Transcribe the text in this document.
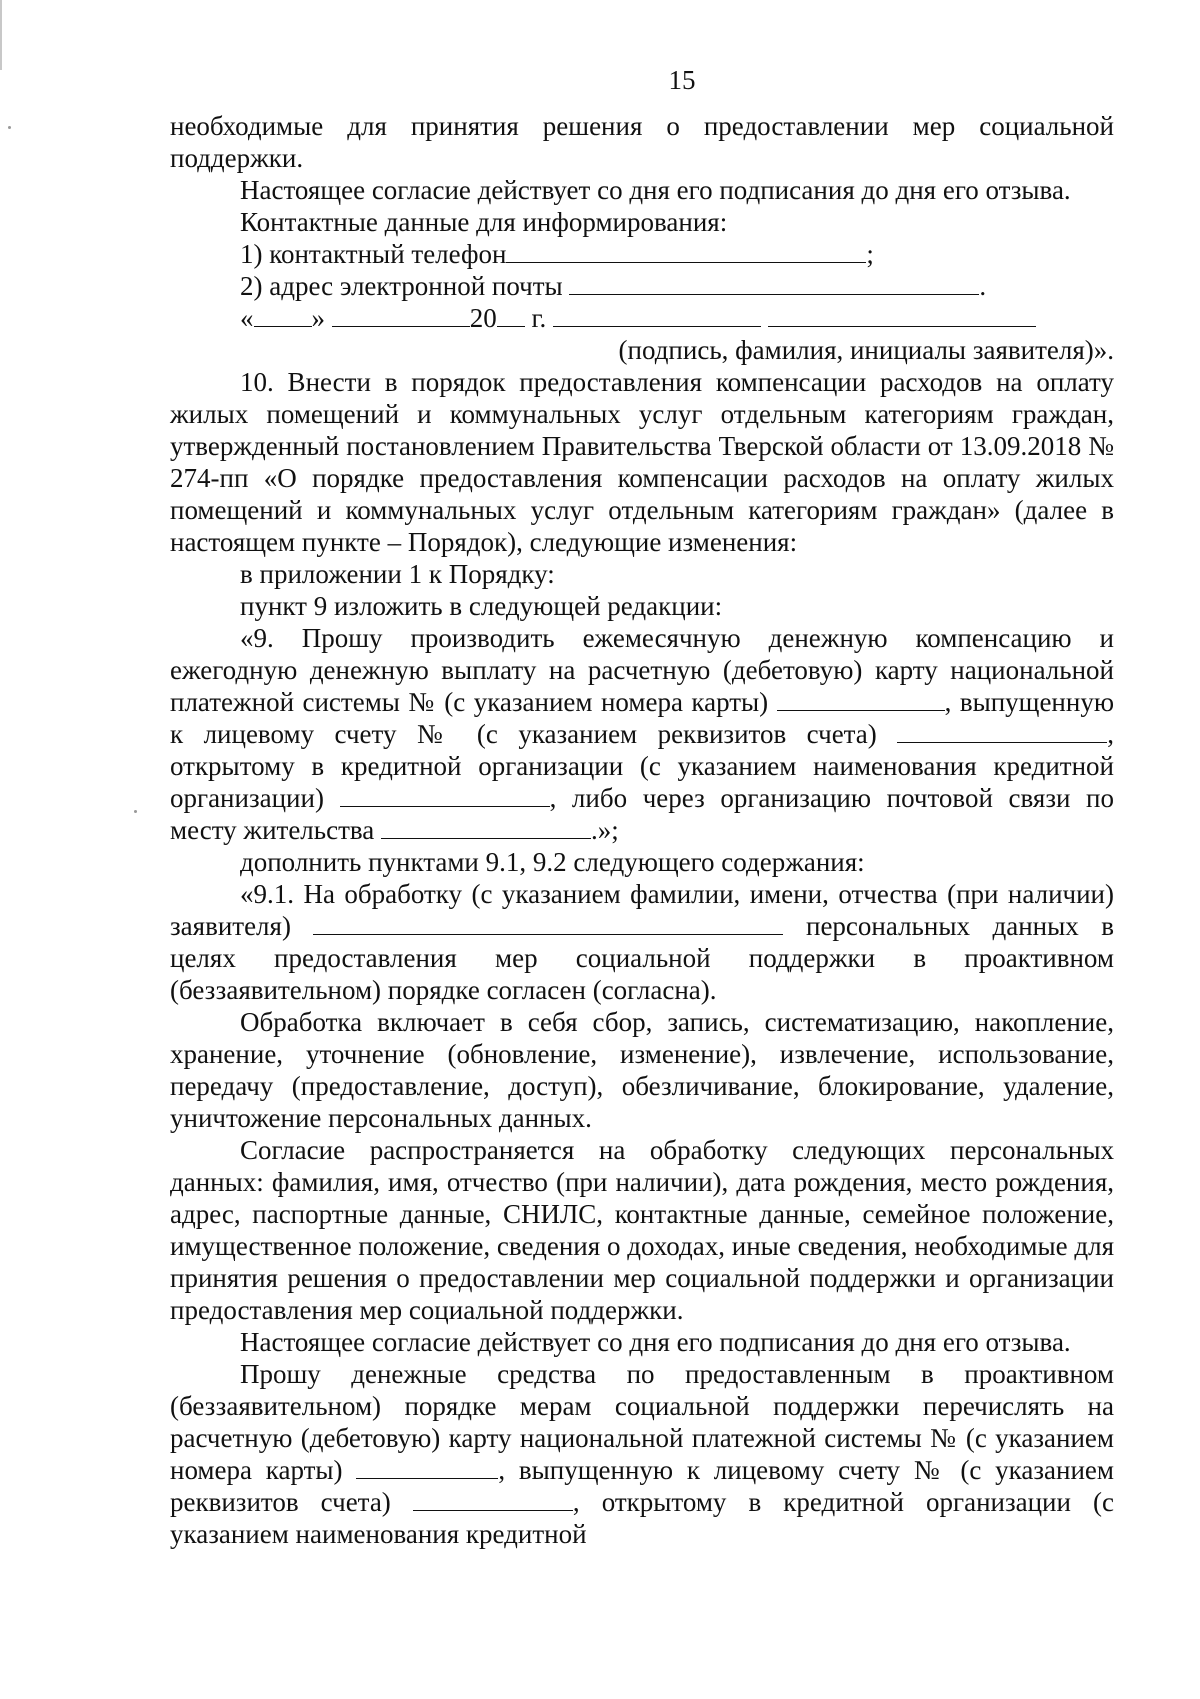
15

необходимые для принятия решения о предоставлении мер социальной поддержки.

Настоящее согласие действует со дня его подписания до дня его отзыва.

Контактные данные для информирования:

1) контактный телефон	;

2) адрес электронной почты	.

« »	20 г.

(подпись, фамилия, инициалы заявителя)».

10. Внести в порядок предоставления компенсации расходов на оплату жилых помещений и коммунальных услуг отдельным категориям граждан, утвержденный постановлением Правительства Тверской области от 13.09.2018 № 274-пп «О порядке предоставления компенсации расходов на оплату жилых помещений и коммунальных услуг отдельным категориям граждан» (далее в настоящем пункте – Порядок), следующие изменения:

в приложении 1 к Порядку:

пункт 9 изложить в следующей редакции:

«9. Прошу производить ежемесячную денежную компенсацию и ежегодную денежную выплату на расчетную (дебетовую) карту национальной платежной системы № (с указанием номера карты)	, выпущенную к лицевому счету № (с указанием реквизитов счета)	, открытому в кредитной организации (с указанием наименования кредитной организации)	, либо через организацию почтовой связи по месту жительства	.»;

дополнить пунктами 9.1, 9.2 следующего содержания:

«9.1. На обработку (с указанием фамилии, имени, отчества (при наличии) заявителя)	персональных данных в целях предоставления мер социальной поддержки в проактивном (беззаявительном) порядке согласен (согласна).

Обработка включает в себя сбор, запись, систематизацию, накопление, хранение, уточнение (обновление, изменение), извлечение, использование, передачу (предоставление, доступ), обезличивание, блокирование, удаление, уничтожение персональных данных.

Согласие распространяется на обработку следующих персональных данных: фамилия, имя, отчество (при наличии), дата рождения, место рождения, адрес, паспортные данные, СНИЛС, контактные данные, семейное положение, имущественное положение, сведения о доходах, иные сведения, необходимые для принятия решения о предоставлении мер социальной поддержки и организации предоставления мер социальной поддержки.

Настоящее согласие действует со дня его подписания до дня его отзыва.

Прошу денежные средства по предоставленным в проактивном (беззаявительном) порядке мерам социальной поддержки перечислять на расчетную (дебетовую) карту национальной платежной системы № (с указанием номера карты)	, выпущенную к лицевому счету № (с указанием реквизитов счета)	, открытому в кредитной организации (с указанием наименования кредитной
